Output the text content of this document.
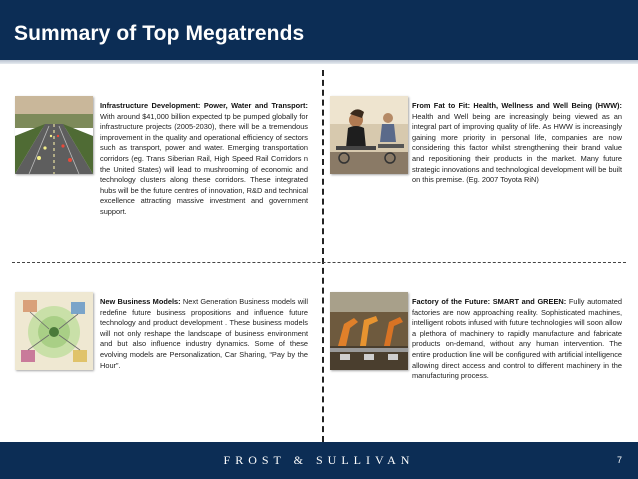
Summary of Top Megatrends
Infrastructure Development: Power, Water and Transport: With around $41,000 billion expected tp be pumped globally for infrastructure projects (2005-2030), there will be a tremendous improvement in the quality and operational efficiency of sectors such as transport, power and water. Emerging transportation corridors (eg. Trans Siberian Rail, High Speed Rail Corridors n the United States) will lead to mushrooming of economic and technology clusters along these corridors. These integrated hubs will be the future centres of innovation, R&D and technical excellence attracting massive investment and government support.
From Fat to Fit: Health, Wellness and Well Being (HWW): Health and Well being are increasingly being viewed as an integral part of improving quality of life. As HWW is increasingly gaining more priority in personal life, companies are now considering this factor whilst strengthening their brand value and repositioning their products in the market. Many future strategic innovations and technological development will be built on this premise. (Eg. 2007 Toyota RiN)
New Business Models: Next Generation Business models will redefine future business propositions and influence future technology and product development . These business models will not only reshape the landscape of business environment and but also influence industry dynamics. Some of these evolving models are Personalization, Car Sharing, “Pay by the Hour”.
Factory of the Future: SMART and GREEN: Fully automated factories are now approaching reality. Sophisticated machines, intelligent robots infused with future technologies will soon allow a plethora of machinery to rapidly manufacture and fabricate products on-demand, without any human intervention. The entire production line will be configured with artificial intelligence allowing direct access and control to different machinery in the manufacturing process.
FROST & SULLIVAN	7
